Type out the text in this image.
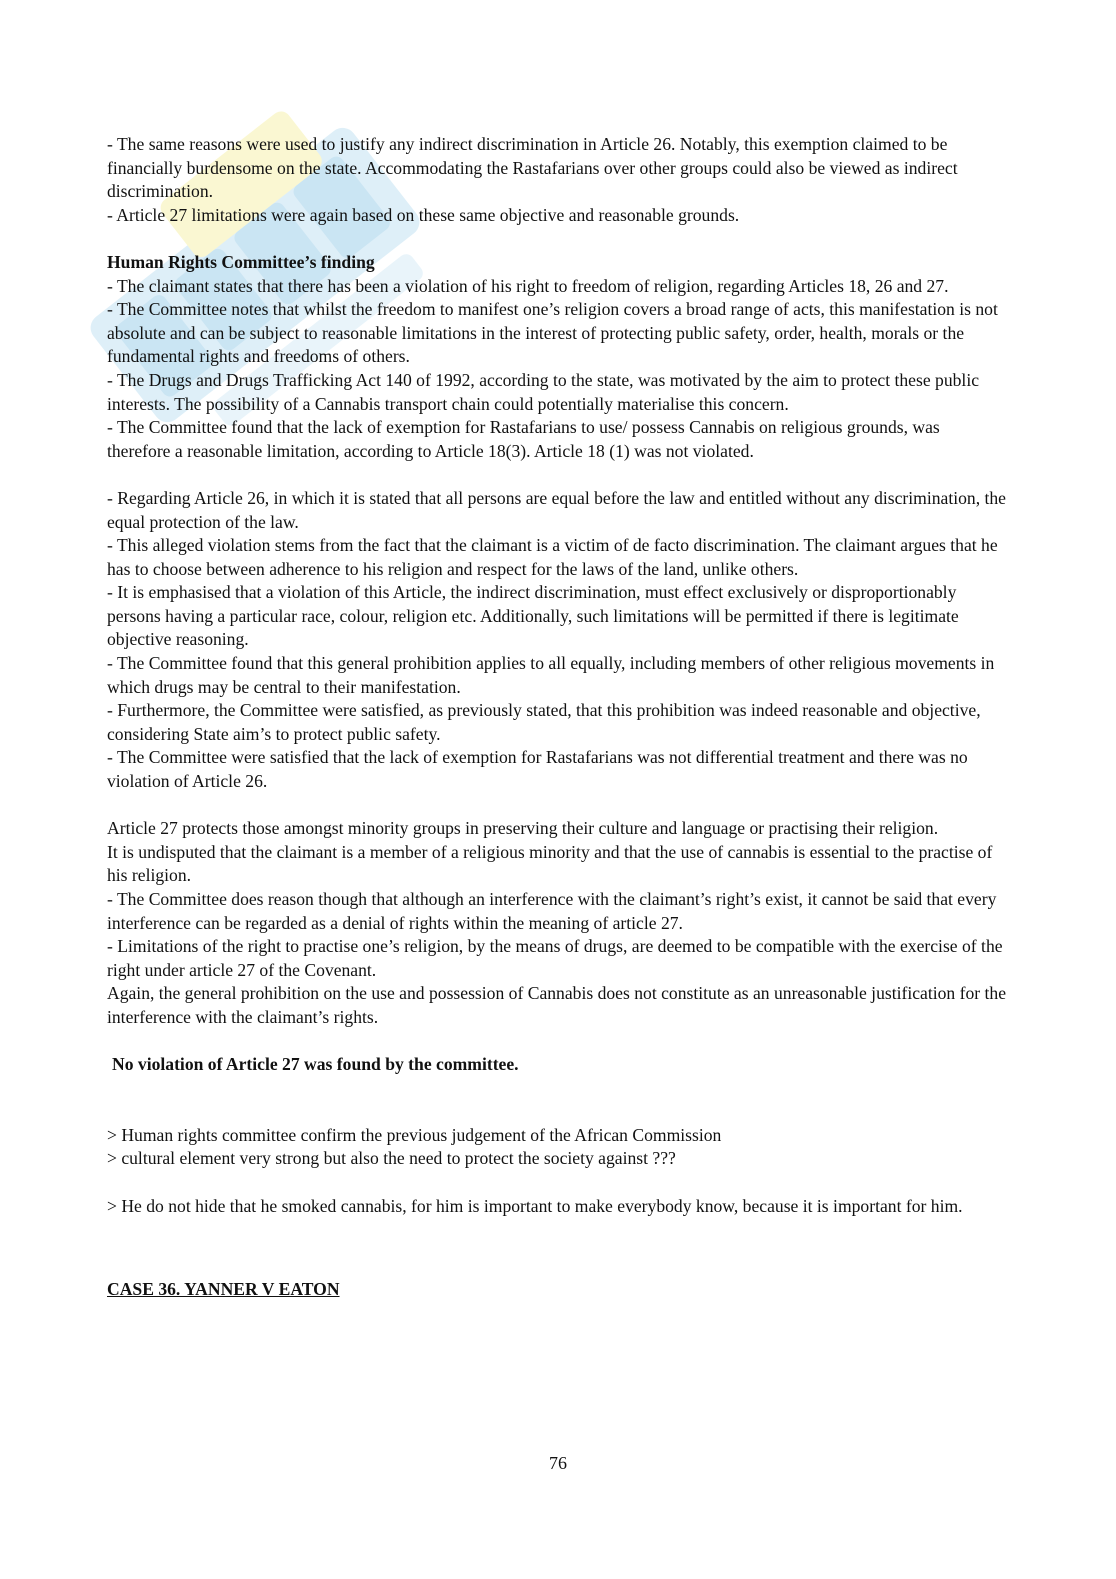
- The same reasons were used to justify any indirect discrimination in Article 26. Notably, this exemption claimed to be financially burdensome on the state. Accommodating the Rastafarians over other groups could also be viewed as indirect discrimination.

- Article 27 limitations were again based on these same objective and reasonable grounds.

Human Rights Committee’s finding

- The claimant states that there has been a violation of his right to freedom of religion, regarding Articles 18, 26 and 27.

- The Committee notes that whilst the freedom to manifest one’s religion covers a broad range of acts, this manifestation is not absolute and can be subject to reasonable limitations in the interest of protecting public safety, order, health, morals or the fundamental rights and freedoms of others.

- The Drugs and Drugs Trafficking Act 140 of 1992, according to the state, was motivated by the aim to protect these public interests. The possibility of a Cannabis transport chain could potentially materialise this concern.

- The Committee found that the lack of exemption for Rastafarians to use/ possess Cannabis on religious grounds, was therefore a reasonable limitation, according to Article 18(3). Article 18 (1) was not violated.

- Regarding Article 26, in which it is stated that all persons are equal before the law and entitled without any discrimination, the equal protection of the law.

- This alleged violation stems from the fact that the claimant is a victim of de facto discrimination. The claimant argues that he has to choose between adherence to his religion and respect for the laws of the land, unlike others.

- It is emphasised that a violation of this Article, the indirect discrimination, must effect exclusively or disproportionably persons having a particular race, colour, religion etc. Additionally, such limitations will be permitted if there is legitimate objective reasoning.

- The Committee found that this general prohibition applies to all equally, including members of other religious movements in which drugs may be central to their manifestation.

- Furthermore, the Committee were satisfied, as previously stated, that this prohibition was indeed reasonable and objective, considering State aim’s to protect public safety.

- The Committee were satisfied that the lack of exemption for Rastafarians was not differential treatment and there was no violation of Article 26.

Article 27 protects those amongst minority groups in preserving their culture and language or practising their religion.

It is undisputed that the claimant is a member of a religious minority and that the use of cannabis is essential to the practise of his religion.

- The Committee does reason though that although an interference with the claimant’s right’s exist, it cannot be said that every interference can be regarded as a denial of rights within the meaning of article 27.

- Limitations of the right to practise one’s religion, by the means of drugs, are deemed to be compatible with the exercise of the right under article 27 of the Covenant.

Again, the general prohibition on the use and possession of Cannabis does not constitute as an unreasonable justification for the interference with the claimant’s rights.

No violation of Article 27 was found by the committee.

> Human rights committee confirm the previous judgement of the African Commission

> cultural element very strong but also the need to protect the society against ???

> He do not hide that he smoked cannabis, for him is important to make everybody know, because it is important for him.

CASE 36. YANNER V EATON

76
